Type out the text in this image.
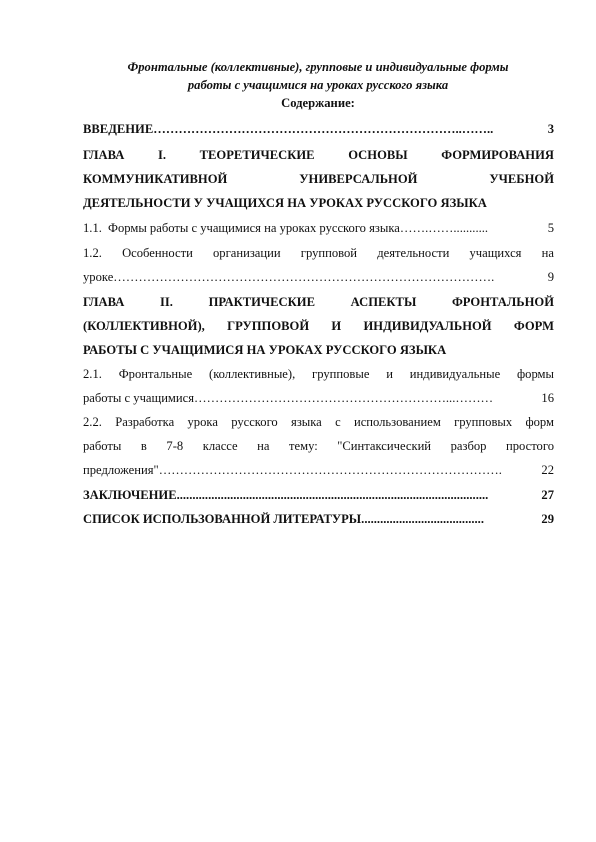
Фронтальные (коллективные), групповые и индивидуальные формы
работы с учащимися на уроках русского языка
Содержание:
ВВЕДЕНИЕ ………………………………………………………………..……..	3
ГЛАВА I. ТЕОРЕТИЧЕСКИЕ ОСНОВЫ ФОРМИРОВАНИЯ
КОММУНИКАТИВНОЙ УНИВЕРСАЛЬНОЙ УЧЕБНОЙ
ДЕЯТЕЛЬНОСТИ У УЧАЩИХСЯ НА УРОКАХ РУССКОГО ЯЗЫКА
1.1. Формы работы с учащимися на уроках русского языка …….……...........	5
1.2. Особенности организации групповой деятельности учащихся на
уроке ……………………………………………………………………………….	9
ГЛАВА II. ПРАКТИЧЕСКИЕ АСПЕКТЫ ФРОНТАЛЬНОЙ
(КОЛЛЕКТИВНОЙ), ГРУППОВОЙ И ИНДИВИДУАЛЬНОЙ ФОРМ
РАБОТЫ С УЧАЩИМИСЯ НА УРОКАХ РУССКОГО ЯЗЫКА
2.1. Фронтальные (коллективные), групповые и индивидуальные формы
работы с учащимися ……………………………………………………...………	16
2.2. Разработка урока русского языка с использованием групповых форм
работы в 7-8 классе на тему: "Синтаксический разбор простого
предложения" ……………………………………………………………………….	22
ЗАКЛЮЧЕНИЕ ...................................................................................................	27
СПИСОК ИСПОЛЬЗОВАННОЙ ЛИТЕРАТУРЫ .......................................	29
